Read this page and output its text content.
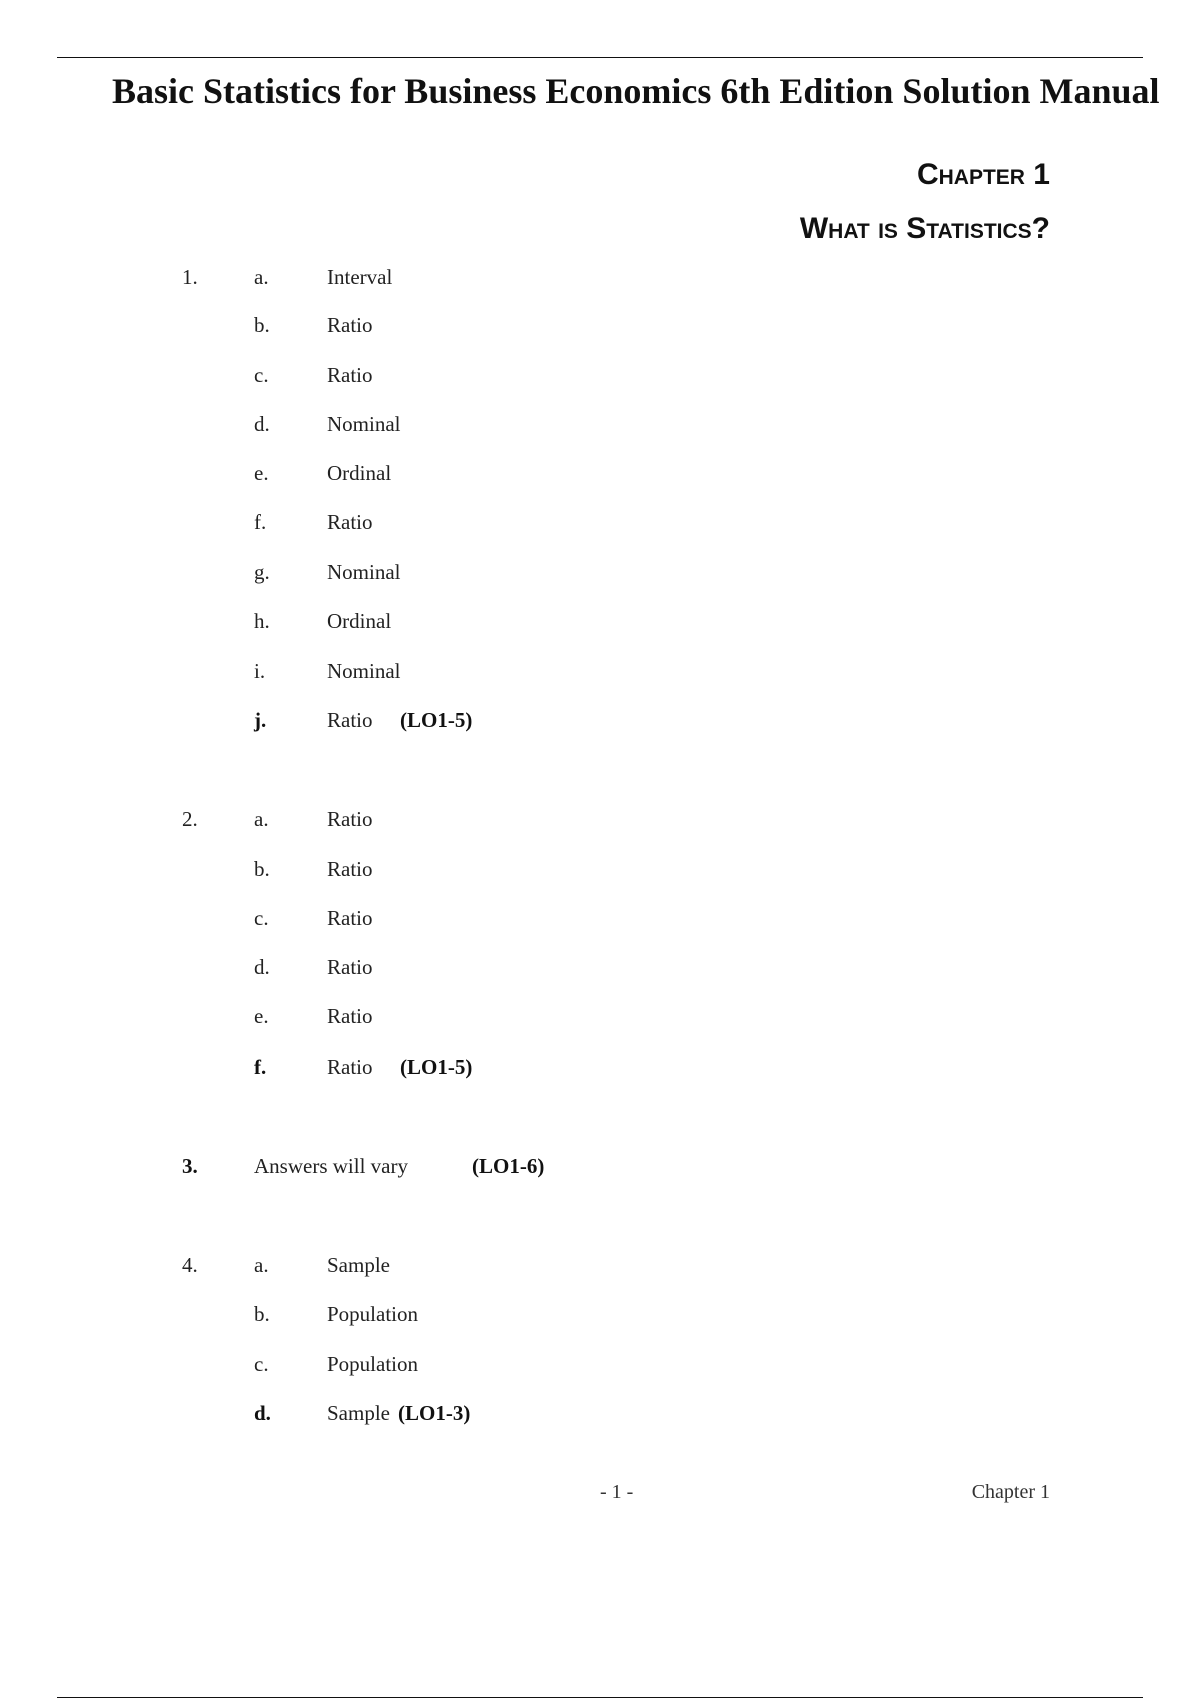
Basic Statistics for Business Economics 6th Edition Solution Manual
Chapter 1
What is Statistics?
1.	a.	Interval
b.	Ratio
c.	Ratio
d.	Nominal
e.	Ordinal
f.	Ratio
g.	Nominal
h.	Ordinal
i.	Nominal
j.	Ratio (LO1-5)
2.	a.	Ratio
b.	Ratio
c.	Ratio
d.	Ratio
e.	Ratio
f.	Ratio (LO1-5)
3.	Answers will vary	(LO1-6)
4.	a.	Sample
b.	Population
c.	Population
d.	Sample (LO1-3)
- 1 -	Chapter 1
